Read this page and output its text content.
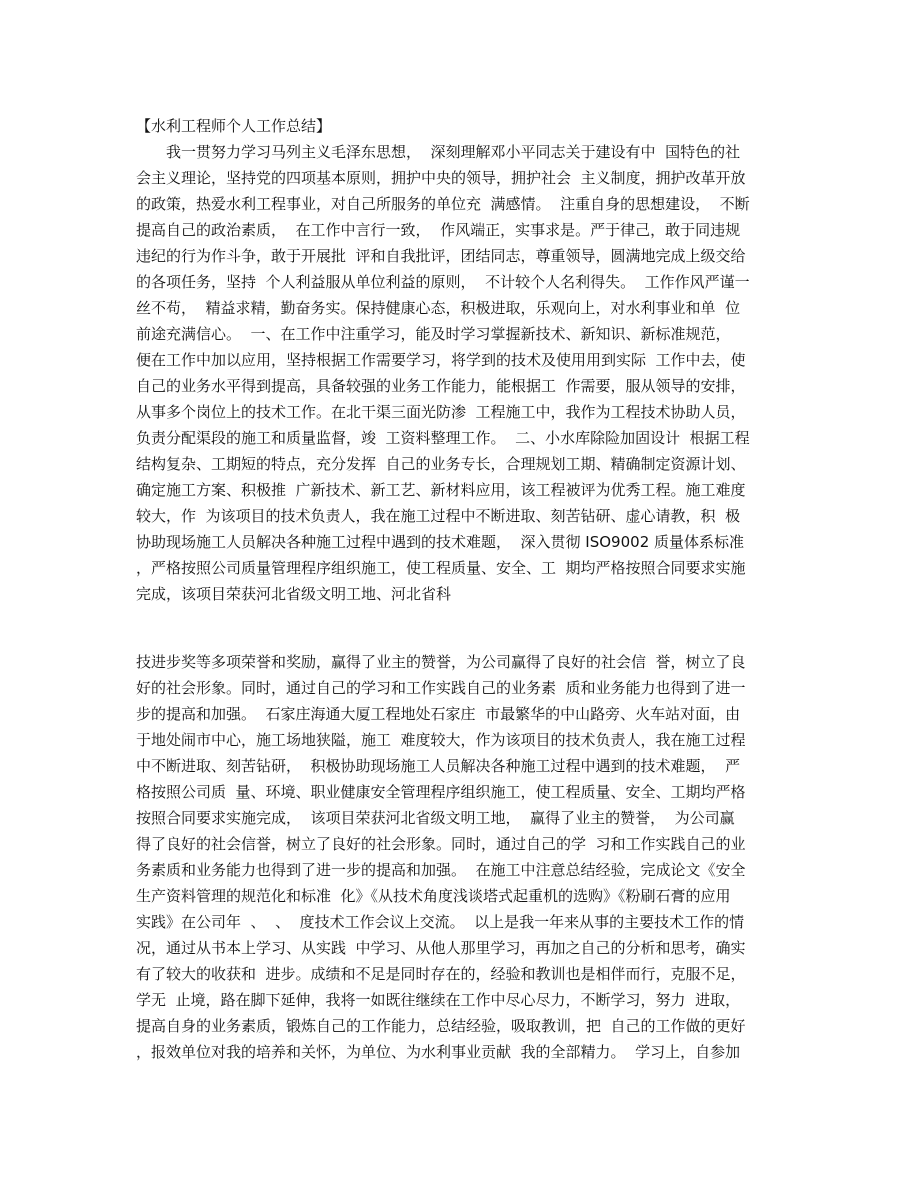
【水利工程师个人工作总结】
我一贯努力学习马列主义毛泽东思想，  深刻理解邓小平同志关于建设有中  国特色的社
会主义理论，坚持党的四项基本原则，拥护中央的领导，拥护社会  主义制度，拥护改革开放
的政策，热爱水利工程事业，对自己所服务的单位充  满感情。  注重自身的思想建设，  不断
提高自己的政治素质，  在工作中言行一致，  作风端正，实事求是。严于律己，敢于同违规
违纪的行为作斗争，敢于开展批  评和自我批评，团结同志，尊重领导，圆满地完成上级交给
的各项任务，坚持  个人利益服从单位利益的原则，  不计较个人名利得失。  工作作风严谨一
丝不苟，  精益求精，勤奋务实。保持健康心态，积极进取，乐观向上，对水利事业和单  位
前途充满信心。  一、在工作中注重学习，能及时学习掌握新技术、新知识、新标准规范，
便在工作中加以应用，坚持根据工作需要学习，将学到的技术及使用用到实际  工作中去，使
自己的业务水平得到提高，具备较强的业务工作能力，能根据工  作需要，服从领导的安排，
从事多个岗位上的技术工作。在北干渠三面光防渗  工程施工中，我作为工程技术协助人员，
负责分配渠段的施工和质量监督，竣  工资料整理工作。  二、小水库除险加固设计  根据工程
结构复杂、工期短的特点，充分发挥  自己的业务专长，合理规划工期、精确制定资源计划、
确定施工方案、积极推  广新技术、新工艺、新材料应用，该工程被评为优秀工程。施工难度
较大，作  为该项目的技术负责人，我在施工过程中不断进取、刻苦钻研、虚心请教，积  极
协助现场施工人员解决各种施工过程中遇到的技术难题，  深入贯彻 ISO9002 质量体系标准
，严格按照公司质量管理程序组织施工，使工程质量、安全、工  期均严格按照合同要求实施
完成，该项目荣获河北省级文明工地、河北省科
技进步奖等多项荣誉和奖励，赢得了业主的赞誉，为公司赢得了良好的社会信  誉，树立了良
好的社会形象。同时，通过自己的学习和工作实践自己的业务素  质和业务能力也得到了进一
步的提高和加强。  石家庄海通大厦工程地处石家庄  市最繁华的中山路旁、火车站对面，由
于地处闹市中心，施工场地狭隘，施工  难度较大，作为该项目的技术负责人，我在施工过程
中不断进取、刻苦钻研，  积极协助现场施工人员解决各种施工过程中遇到的技术难题，  严
格按照公司质  量、环境、职业健康安全管理程序组织施工，使工程质量、安全、工期均严格
按照合同要求实施完成，  该项目荣获河北省级文明工地，  赢得了业主的赞誉，  为公司赢
得了良好的社会信誉，树立了良好的社会形象。同时，通过自己的学  习和工作实践自己的业
务素质和业务能力也得到了进一步的提高和加强。  在施工中注意总结经验，完成论文《安全
生产资料管理的规范化和标准  化》《从技术角度浅谈塔式起重机的选购》《粉刷石膏的应用
实践》在公司年  、  、  度技术工作会议上交流。  以上是我一年来从事的主要技术工作的情
况，通过从书本上学习、从实践  中学习、从他人那里学习，再加之自己的分析和思考，确实
有了较大的收获和  进步。成绩和不足是同时存在的，经验和教训也是相伴而行，克服不足，
学无  止境，路在脚下延伸，我将一如既往继续在工作中尽心尽力，不断学习，努力  进取，
提高自身的业务素质，锻炼自己的工作能力，总结经验，吸取教训，把  自己的工作做的更好
，报效单位对我的培养和关怀，为单位、为水利事业贡献  我的全部精力。  学习上，自参加
